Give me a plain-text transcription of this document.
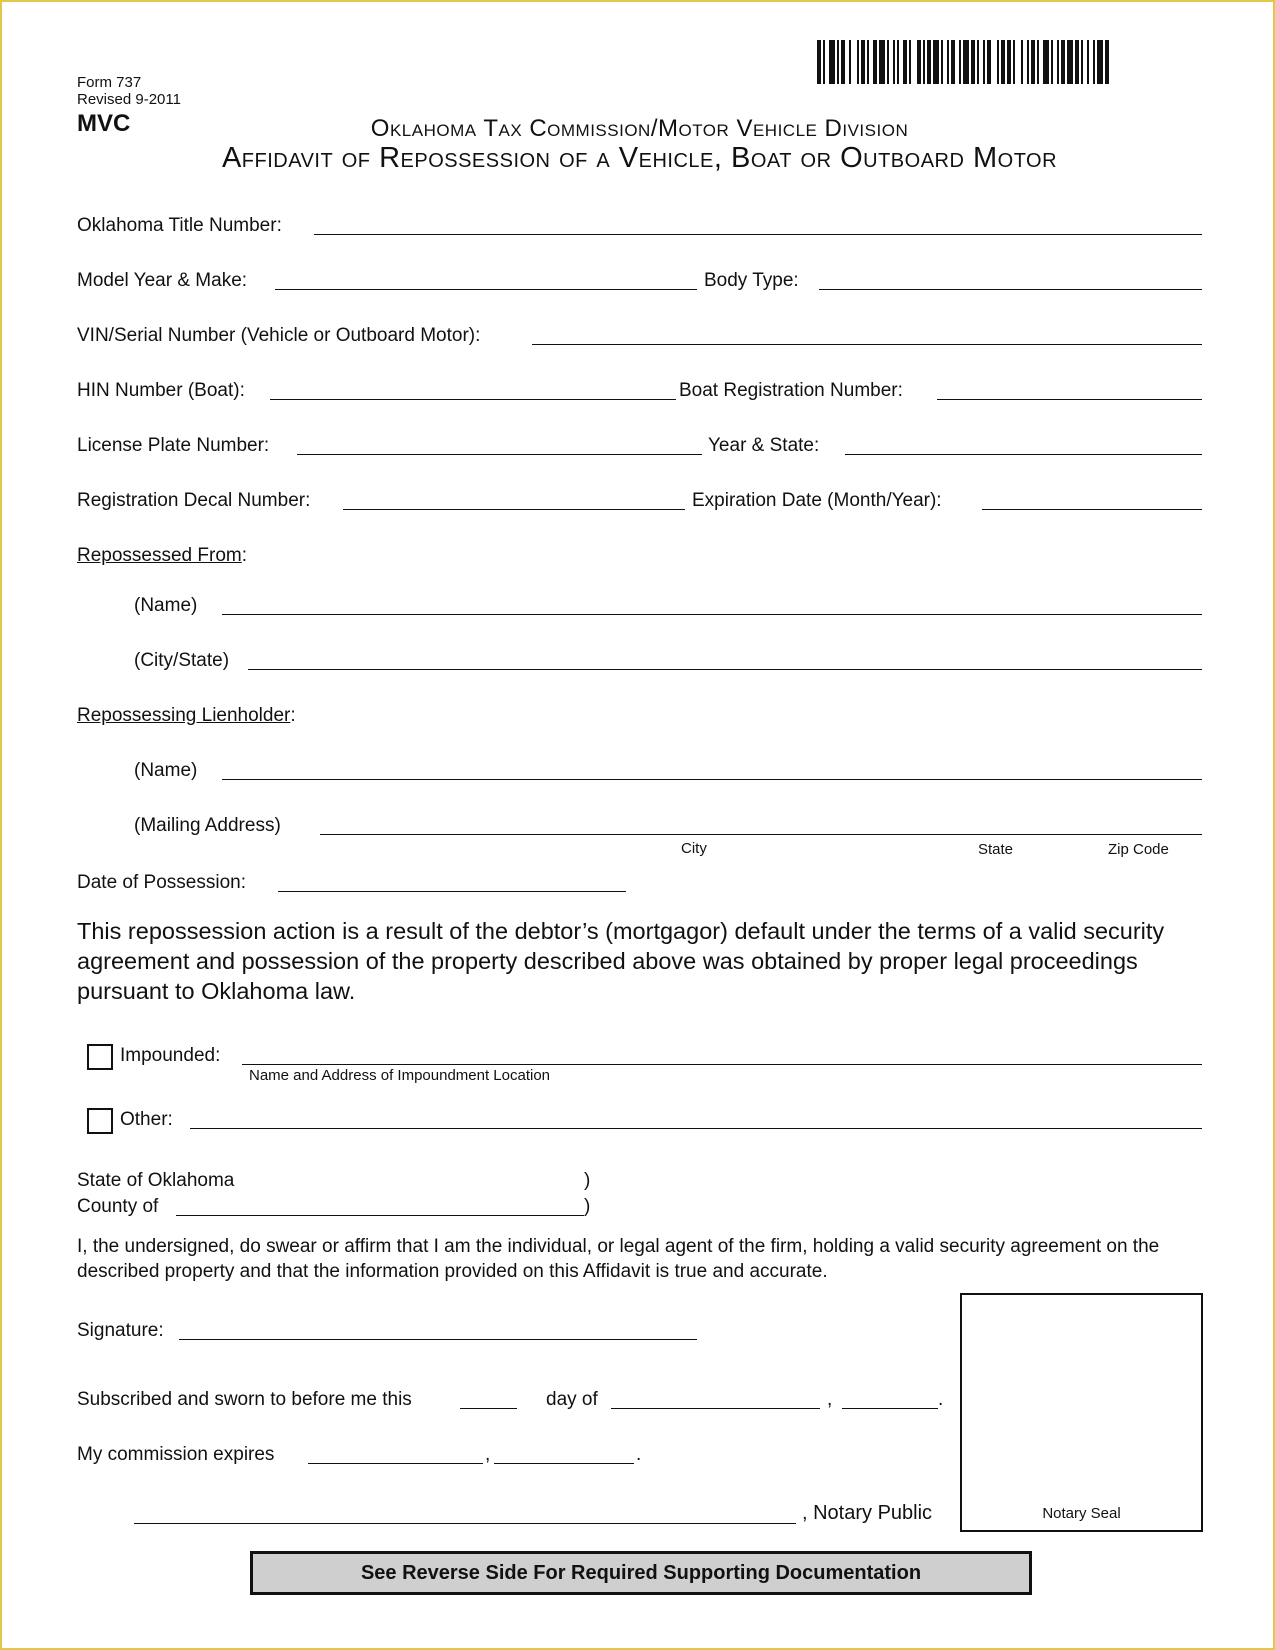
Form 737
Revised 9-2011
MVC	Oklahoma Tax Commission/Motor Vehicle Division
Affidavit of Repossession of a Vehicle, Boat or Outboard Motor
Oklahoma Title Number:
Model Year & Make:	Body Type:
VIN/Serial Number (Vehicle or Outboard Motor):
HIN Number (Boat):	Boat Registration Number:
License Plate Number:	Year & State:
Registration Decal Number:	Expiration Date (Month/Year):
Repossessed From:
(Name)
(City/State)
Repossessing Lienholder:
(Name)
(Mailing Address)
City	State	Zip Code
Date of Possession:
This repossession action is a result of the debtor’s (mortgagor) default under the terms of a valid security agreement and possession of the property described above was obtained by proper legal proceedings pursuant to Oklahoma law.
Impounded:
Name and Address of Impoundment Location
Other:
State of Oklahoma	)
County of	)
I, the undersigned, do swear or affirm that I am the individual, or legal agent of the firm, holding a valid security agreement on the described property and that the information provided on this Affidavit is true and accurate.
Signature:
Subscribed and sworn to before me this	day of	,	.
My commission expires	,	.
, Notary Public	Notary Seal
See Reverse Side For Required Supporting Documentation
